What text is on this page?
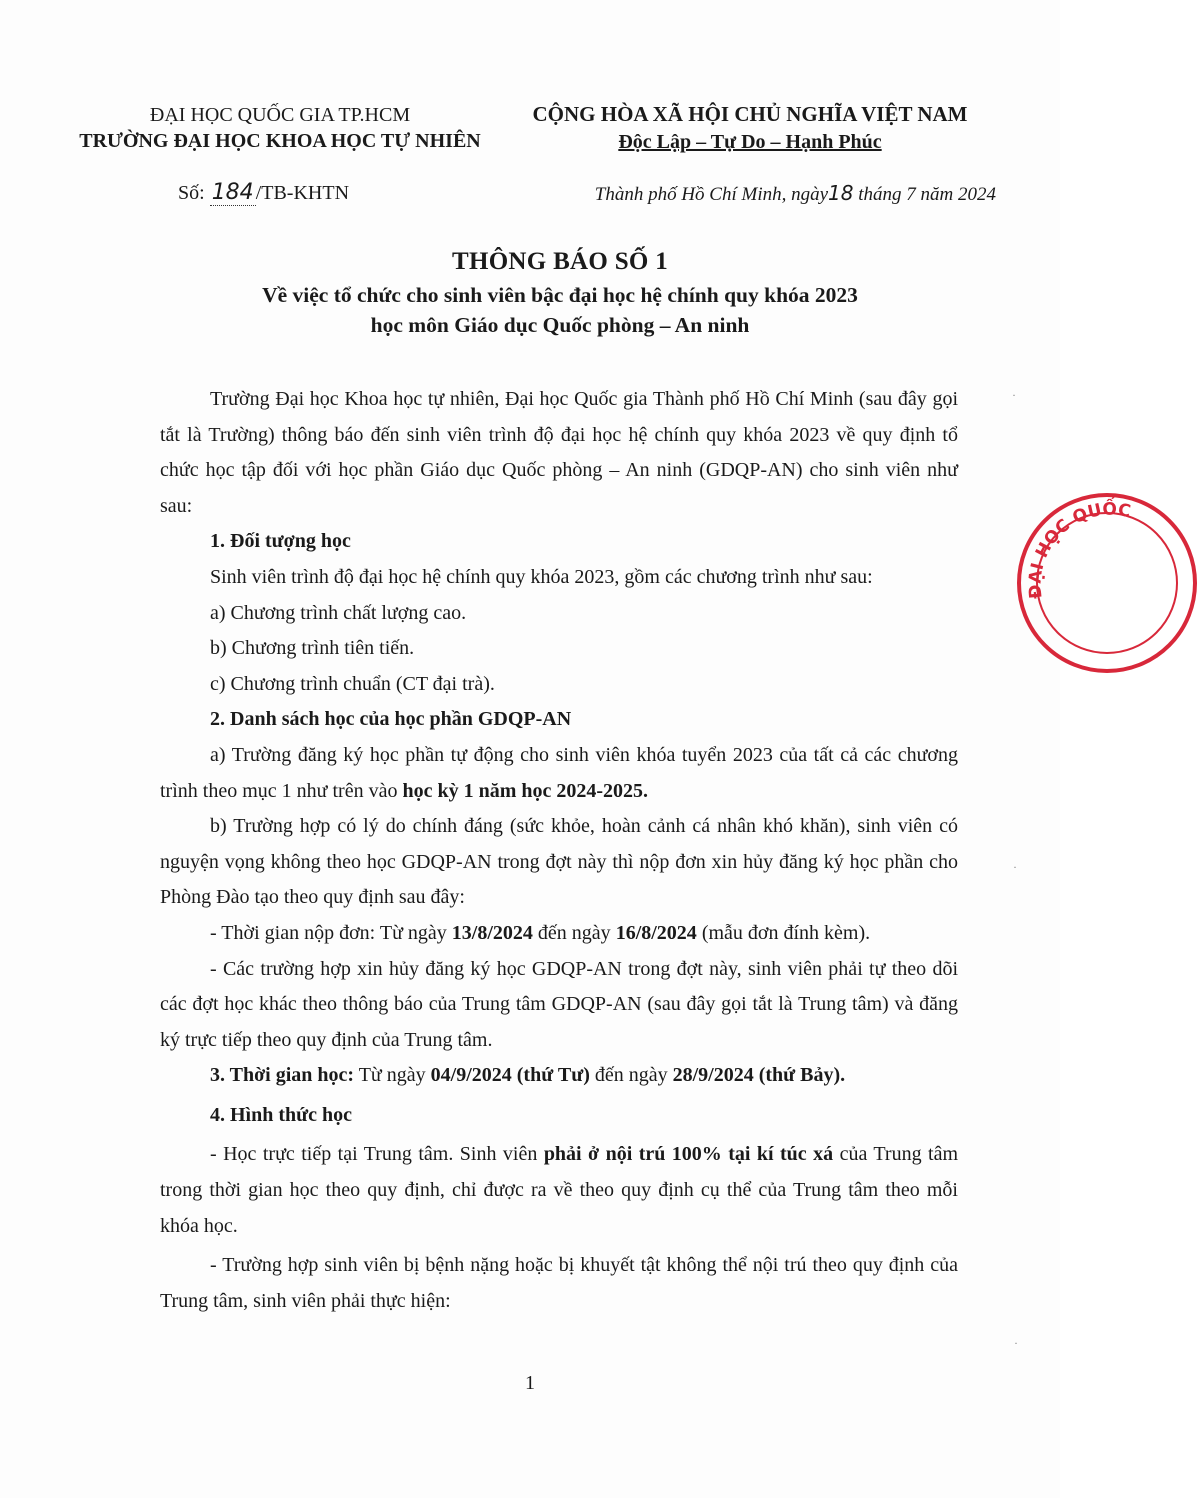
ĐẠI HỌC QUỐC GIA TP.HCM
TRƯỜNG ĐẠI HỌC KHOA HỌC TỰ NHIÊN
CỘNG HÒA XÃ HỘI CHỦ NGHĨA VIỆT NAM
Độc Lập – Tự Do – Hạnh Phúc
Số: 184 /TB-KHTN	Thành phố Hồ Chí Minh, ngày18 tháng 7 năm 2024
THÔNG BÁO SỐ 1
Về việc tổ chức cho sinh viên bậc đại học hệ chính quy khóa 2023
học môn Giáo dục Quốc phòng – An ninh

Trường Đại học Khoa học tự nhiên, Đại học Quốc gia Thành phố Hồ Chí Minh (sau đây gọi tắt là Trường) thông báo đến sinh viên trình độ đại học hệ chính quy khóa 2023 về quy định tổ chức học tập đối với học phần Giáo dục Quốc phòng – An ninh (GDQP-AN) cho sinh viên như sau:

1. Đối tượng học

Sinh viên trình độ đại học hệ chính quy khóa 2023, gồm các chương trình như sau:

a) Chương trình chất lượng cao.

b) Chương trình tiên tiến.

c) Chương trình chuẩn (CT đại trà).

2. Danh sách học của học phần GDQP-AN

a) Trường đăng ký học phần tự động cho sinh viên khóa tuyển 2023 của tất cả các chương trình theo mục 1 như trên vào học kỳ 1 năm học 2024-2025.

b) Trường hợp có lý do chính đáng (sức khỏe, hoàn cảnh cá nhân khó khăn), sinh viên có nguyện vọng không theo học GDQP-AN trong đợt này thì nộp đơn xin hủy đăng ký học phần cho Phòng Đào tạo theo quy định sau đây:

- Thời gian nộp đơn: Từ ngày 13/8/2024 đến ngày 16/8/2024 (mẫu đơn đính kèm).

- Các trường hợp xin hủy đăng ký học GDQP-AN trong đợt này, sinh viên phải tự theo dõi các đợt học khác theo thông báo của Trung tâm GDQP-AN (sau đây gọi tắt là Trung tâm) và đăng ký trực tiếp theo quy định của Trung tâm.

3. Thời gian học: Từ ngày 04/9/2024 (thứ Tư) đến ngày 28/9/2024 (thứ Bảy).

4. Hình thức học

- Học trực tiếp tại Trung tâm. Sinh viên phải ở nội trú 100% tại kí túc xá của Trung tâm trong thời gian học theo quy định, chỉ được ra về theo quy định cụ thể của Trung tâm theo mỗi khóa học.

- Trường hợp sinh viên bị bệnh nặng hoặc bị khuyết tật không thể nội trú theo quy định của Trung tâm, sinh viên phải thực hiện:

1
ĐẠI HỌC QUỐC
·
·
·
